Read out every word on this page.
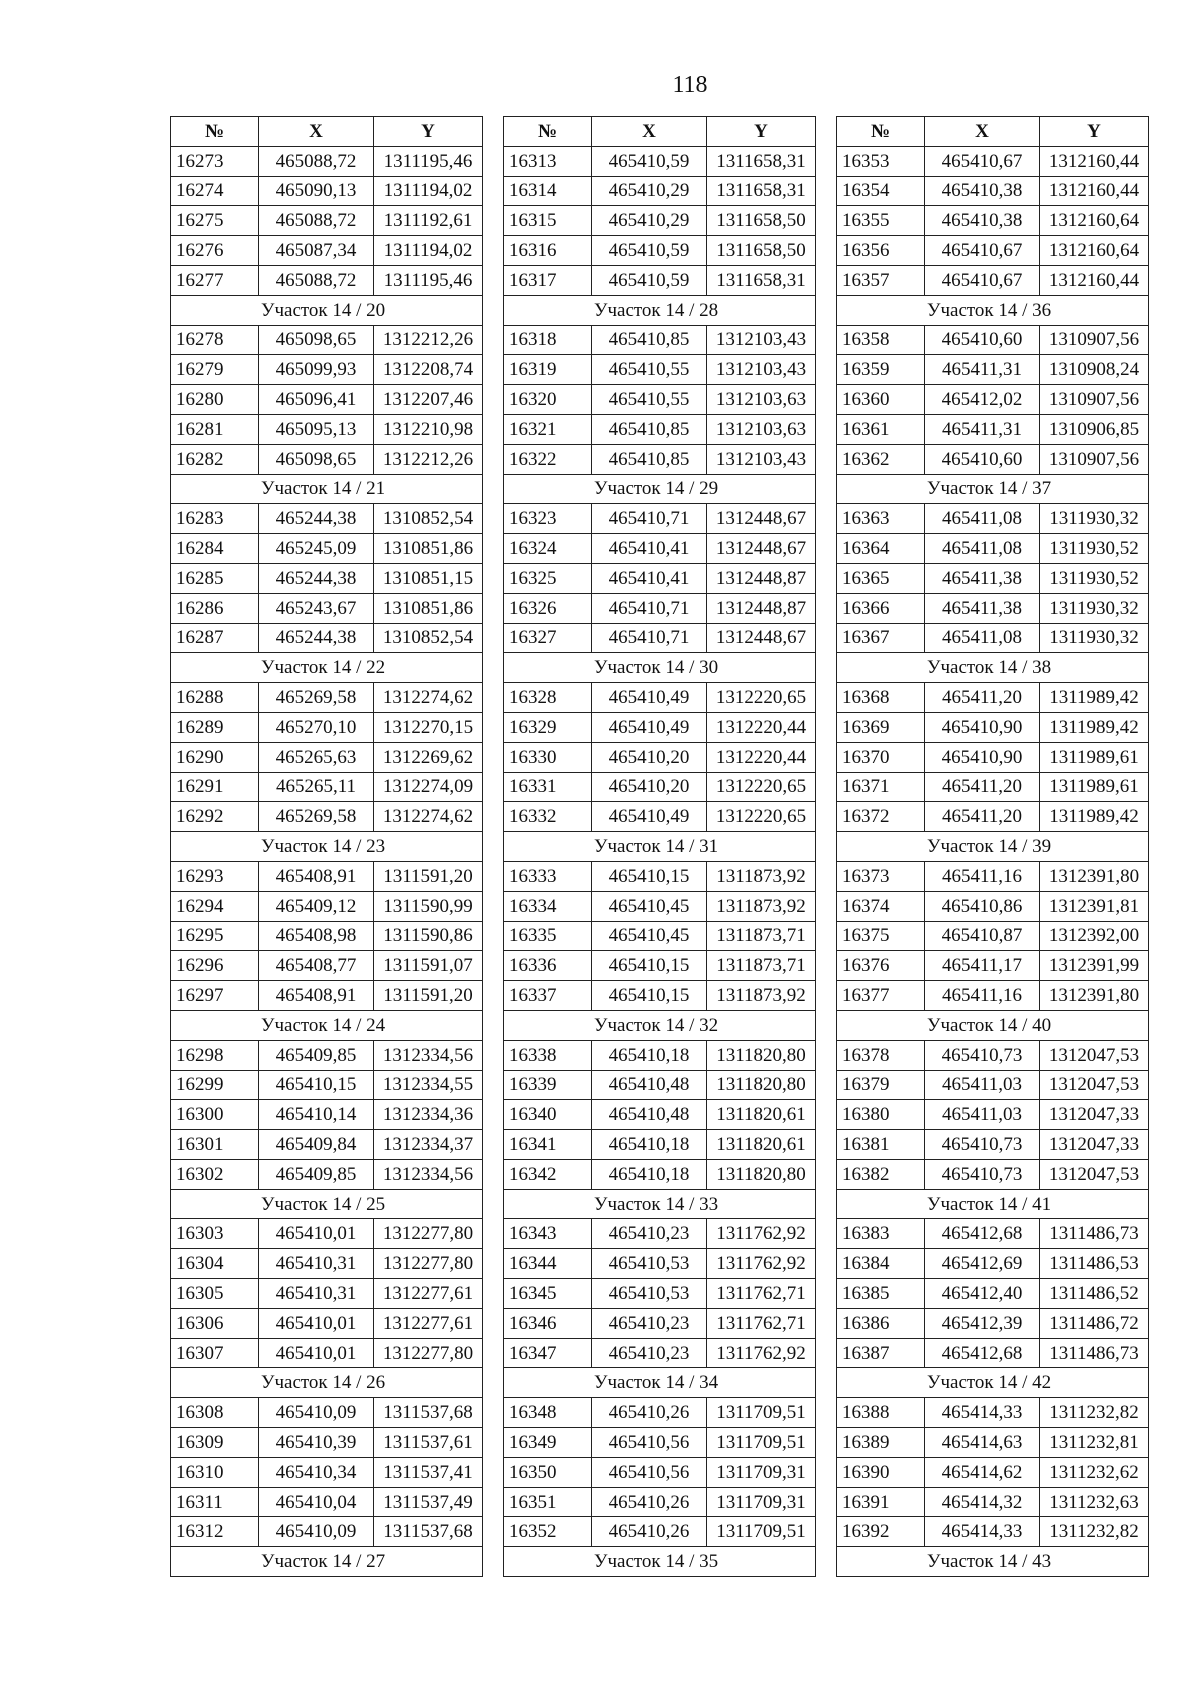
118
№	X	Y
16273	465088,72	1311195,46
16274	465090,13	1311194,02
16275	465088,72	1311192,61
16276	465087,34	1311194,02
16277	465088,72	1311195,46
Участок 14 / 20		
16278	465098,65	1312212,26
16279	465099,93	1312208,74
16280	465096,41	1312207,46
16281	465095,13	1312210,98
16282	465098,65	1312212,26
Участок 14 / 21		
16283	465244,38	1310852,54
16284	465245,09	1310851,86
16285	465244,38	1310851,15
16286	465243,67	1310851,86
16287	465244,38	1310852,54
Участок 14 / 22		
16288	465269,58	1312274,62
16289	465270,10	1312270,15
16290	465265,63	1312269,62
16291	465265,11	1312274,09
16292	465269,58	1312274,62
Участок 14 / 23		
16293	465408,91	1311591,20
16294	465409,12	1311590,99
16295	465408,98	1311590,86
16296	465408,77	1311591,07
16297	465408,91	1311591,20
Участок 14 / 24		
16298	465409,85	1312334,56
16299	465410,15	1312334,55
16300	465410,14	1312334,36
16301	465409,84	1312334,37
16302	465409,85	1312334,56
Участок 14 / 25		
16303	465410,01	1312277,80
16304	465410,31	1312277,80
16305	465410,31	1312277,61
16306	465410,01	1312277,61
16307	465410,01	1312277,80
Участок 14 / 26		
16308	465410,09	1311537,68
16309	465410,39	1311537,61
16310	465410,34	1311537,41
16311	465410,04	1311537,49
16312	465410,09	1311537,68
Участок 14 / 27		
№	X	Y
16313	465410,59	1311658,31
16314	465410,29	1311658,31
16315	465410,29	1311658,50
16316	465410,59	1311658,50
16317	465410,59	1311658,31
Участок 14 / 28		
16318	465410,85	1312103,43
16319	465410,55	1312103,43
16320	465410,55	1312103,63
16321	465410,85	1312103,63
16322	465410,85	1312103,43
Участок 14 / 29		
16323	465410,71	1312448,67
16324	465410,41	1312448,67
16325	465410,41	1312448,87
16326	465410,71	1312448,87
16327	465410,71	1312448,67
Участок 14 / 30		
16328	465410,49	1312220,65
16329	465410,49	1312220,44
16330	465410,20	1312220,44
16331	465410,20	1312220,65
16332	465410,49	1312220,65
Участок 14 / 31		
16333	465410,15	1311873,92
16334	465410,45	1311873,92
16335	465410,45	1311873,71
16336	465410,15	1311873,71
16337	465410,15	1311873,92
Участок 14 / 32		
16338	465410,18	1311820,80
16339	465410,48	1311820,80
16340	465410,48	1311820,61
16341	465410,18	1311820,61
16342	465410,18	1311820,80
Участок 14 / 33		
16343	465410,23	1311762,92
16344	465410,53	1311762,92
16345	465410,53	1311762,71
16346	465410,23	1311762,71
16347	465410,23	1311762,92
Участок 14 / 34		
16348	465410,26	1311709,51
16349	465410,56	1311709,51
16350	465410,56	1311709,31
16351	465410,26	1311709,31
16352	465410,26	1311709,51
Участок 14 / 35		
№	X	Y
16353	465410,67	1312160,44
16354	465410,38	1312160,44
16355	465410,38	1312160,64
16356	465410,67	1312160,64
16357	465410,67	1312160,44
Участок 14 / 36		
16358	465410,60	1310907,56
16359	465411,31	1310908,24
16360	465412,02	1310907,56
16361	465411,31	1310906,85
16362	465410,60	1310907,56
Участок 14 / 37		
16363	465411,08	1311930,32
16364	465411,08	1311930,52
16365	465411,38	1311930,52
16366	465411,38	1311930,32
16367	465411,08	1311930,32
Участок 14 / 38		
16368	465411,20	1311989,42
16369	465410,90	1311989,42
16370	465410,90	1311989,61
16371	465411,20	1311989,61
16372	465411,20	1311989,42
Участок 14 / 39		
16373	465411,16	1312391,80
16374	465410,86	1312391,81
16375	465410,87	1312392,00
16376	465411,17	1312391,99
16377	465411,16	1312391,80
Участок 14 / 40		
16378	465410,73	1312047,53
16379	465411,03	1312047,53
16380	465411,03	1312047,33
16381	465410,73	1312047,33
16382	465410,73	1312047,53
Участок 14 / 41		
16383	465412,68	1311486,73
16384	465412,69	1311486,53
16385	465412,40	1311486,52
16386	465412,39	1311486,72
16387	465412,68	1311486,73
Участок 14 / 42		
16388	465414,33	1311232,82
16389	465414,63	1311232,81
16390	465414,62	1311232,62
16391	465414,32	1311232,63
16392	465414,33	1311232,82
Участок 14 / 43		
